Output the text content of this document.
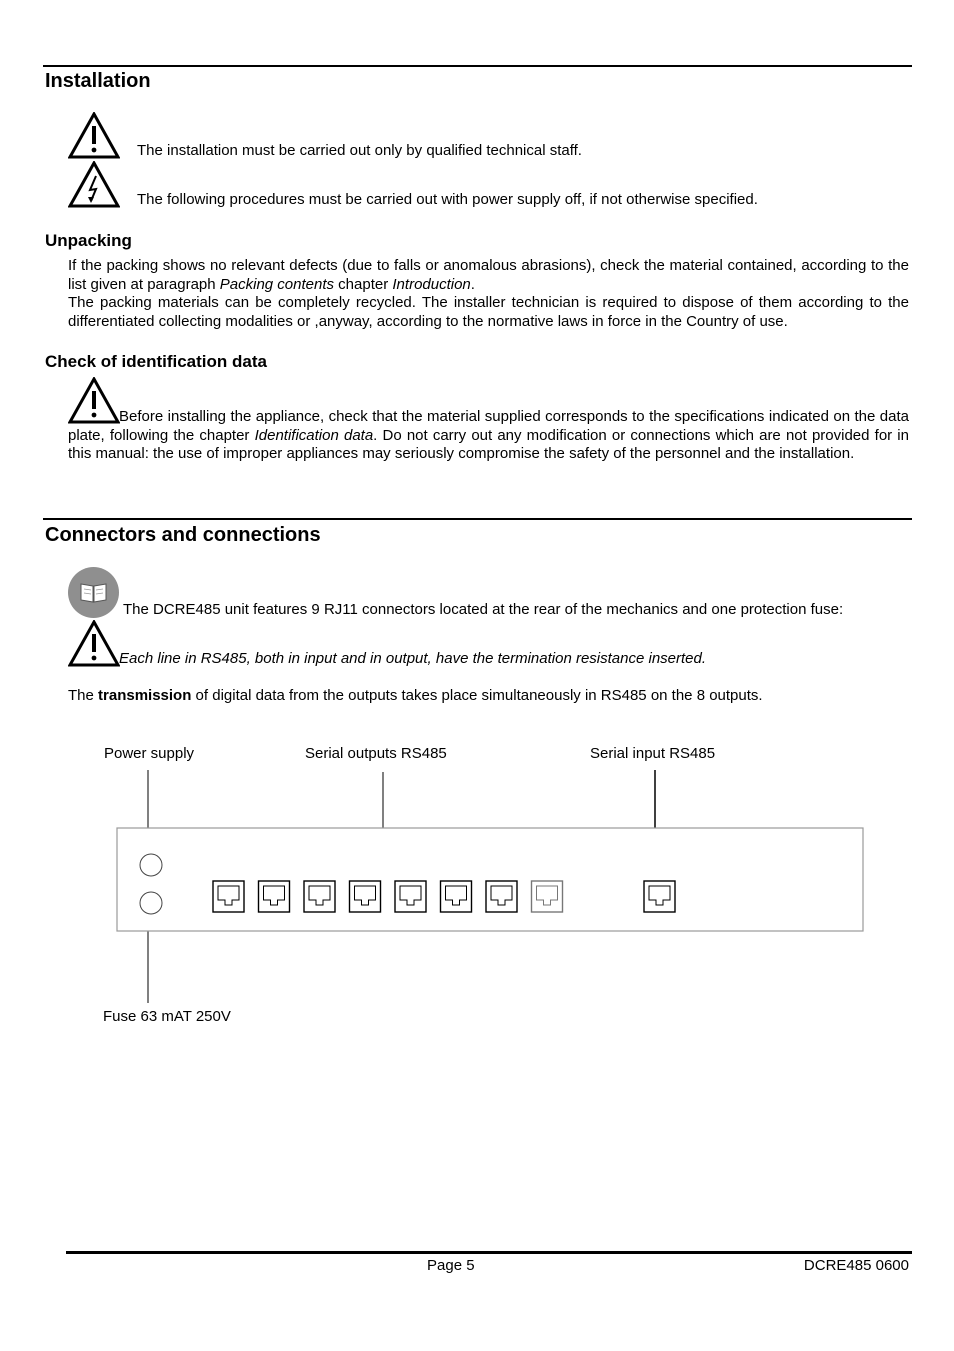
Installation
The installation must be carried out only by qualified technical staff.
The following procedures must be carried out with power supply off, if not otherwise specified.
Unpacking
If the packing shows no relevant defects (due to falls or anomalous abrasions), check the material contained, according to the list given at paragraph Packing contents chapter Introduction.
The packing materials can be completely recycled. The installer technician is required to dispose of them according to the differentiated collecting modalities or ,anyway, according to the normative laws in force in the Country of use.
Check of identification data
Before installing the appliance, check that the material supplied corresponds to the specifications indicated on the data plate, following the chapter Identification data. Do not carry out any modification or connections which are not provided for in this manual: the use of improper appliances may seriously compromise the safety of the personnel and the installation.
Connectors and connections
The DCRE485 unit features 9 RJ11 connectors located at the rear of the mechanics and one protection fuse:
Each line in RS485, both in input and in output, have the termination resistance inserted.
The transmission of digital data from the outputs takes place simultaneously in RS485 on the 8 outputs.
Power supply	Serial outputs RS485	Serial input RS485
Fuse 63 mAT 250V
Page 5	DCRE485 0600
